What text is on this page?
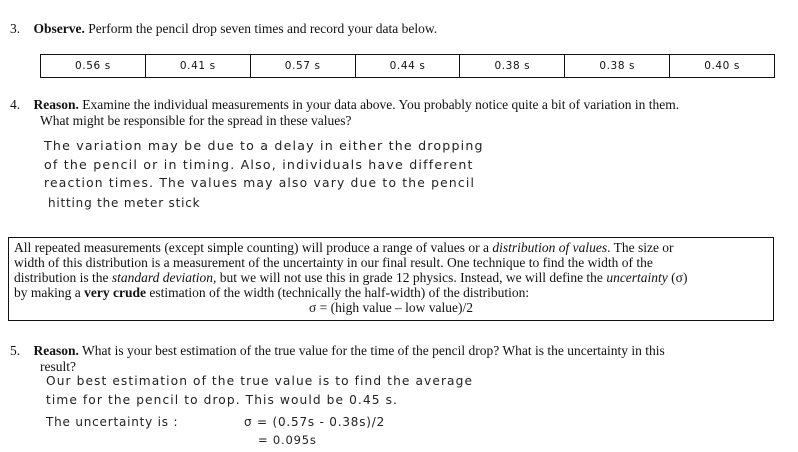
3. Observe. Perform the pencil drop seven times and record your data below.
0.56 s	0.41 s	0.57 s	0.44 s	0.38 s	0.38 s	0.40 s
4. Reason. Examine the individual measurements in your data above. You probably notice quite a bit of variation in them.
What might be responsible for the spread in these values?
The variation may be due to a delay in either the dropping
of the pencil or in timing. Also, individuals have different
reaction times. The values may also vary due to the pencil
hitting the meter stick
All repeated measurements (except simple counting) will produce a range of values or a distribution of values. The size or
width of this distribution is a measurement of the uncertainty in our final result. One technique to find the width of the
distribution is the standard deviation, but we will not use this in grade 12 physics. Instead, we will define the uncertainty (σ)
by making a very crude estimation of the width (technically the half-width) of the distribution:
σ = (high value – low value)/2
5. Reason. What is your best estimation of the true value for the time of the pencil drop? What is the uncertainty in this
result?
Our best estimation of the true value is to find the average
time for the pencil to drop. This would be 0.45 s.
The uncertainty is :	σ = (0.57s - 0.38s)/2
= 0.095s
